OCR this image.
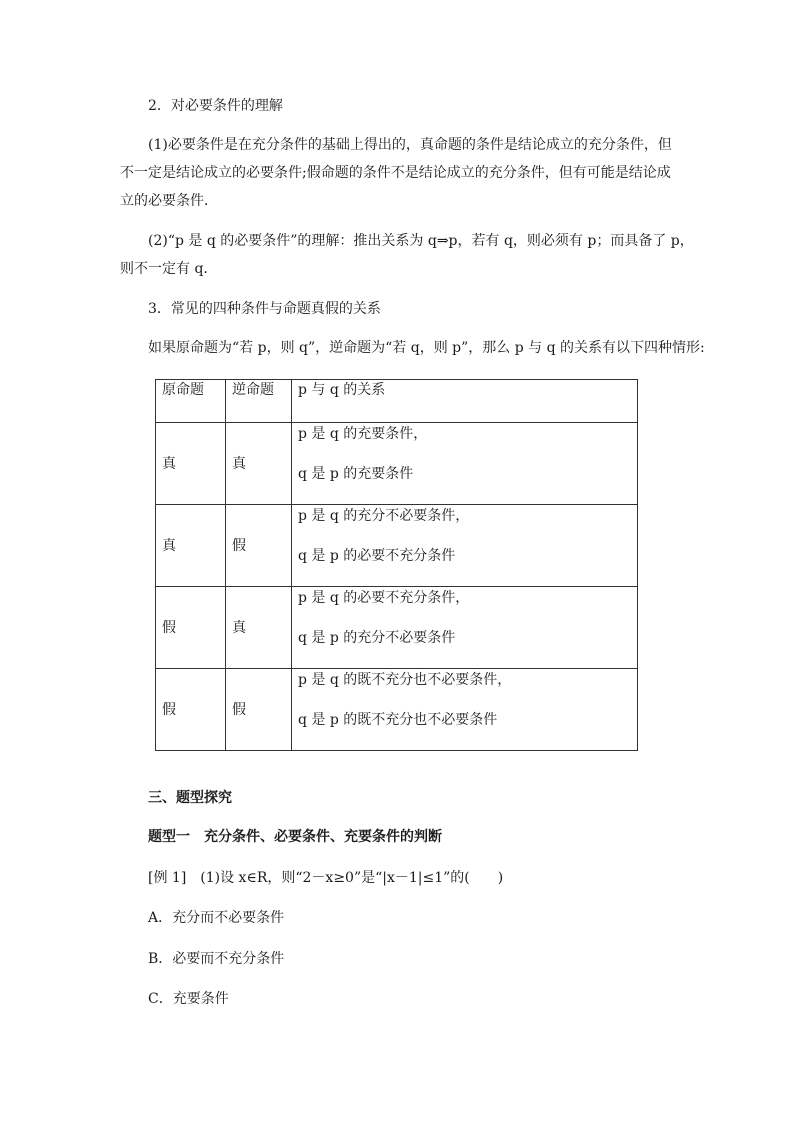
2．对必要条件的理解
(1)必要条件是在充分条件的基础上得出的，真命题的条件是结论成立的充分条件，但
不一定是结论成立的必要条件;假命题的条件不是结论成立的充分条件，但有可能是结论成
立的必要条件．
(2)“p 是 q 的必要条件”的理解：推出关系为 q⇒p，若有 q，则必须有 p；而具备了 p，
则不一定有 q.
3．常见的四种条件与命题真假的关系
如果原命题为“若 p，则 q”，逆命题为“若 q，则 p”，那么 p 与 q 的关系有以下四种情形:
原命题	逆命题	p 与 q 的关系
真	真	p 是 q 的充要条件，
q 是 p 的充要条件

真	假	p 是 q 的充分不必要条件，
q 是 p 的必要不充分条件

假	真	p 是 q 的必要不充分条件，
q 是 p 的充分不必要条件

假	假	p 是 q 的既不充分也不必要条件，
q 是 p 的既不充分也不必要条件
三、题型探究
题型一　充分条件、必要条件、充要条件的判断
[例 1]　(1)设 x∈R，则“2－x≥0”是“|x－1|≤1”的(　　)
A．充分而不必要条件
B．必要而不充分条件
C．充要条件
